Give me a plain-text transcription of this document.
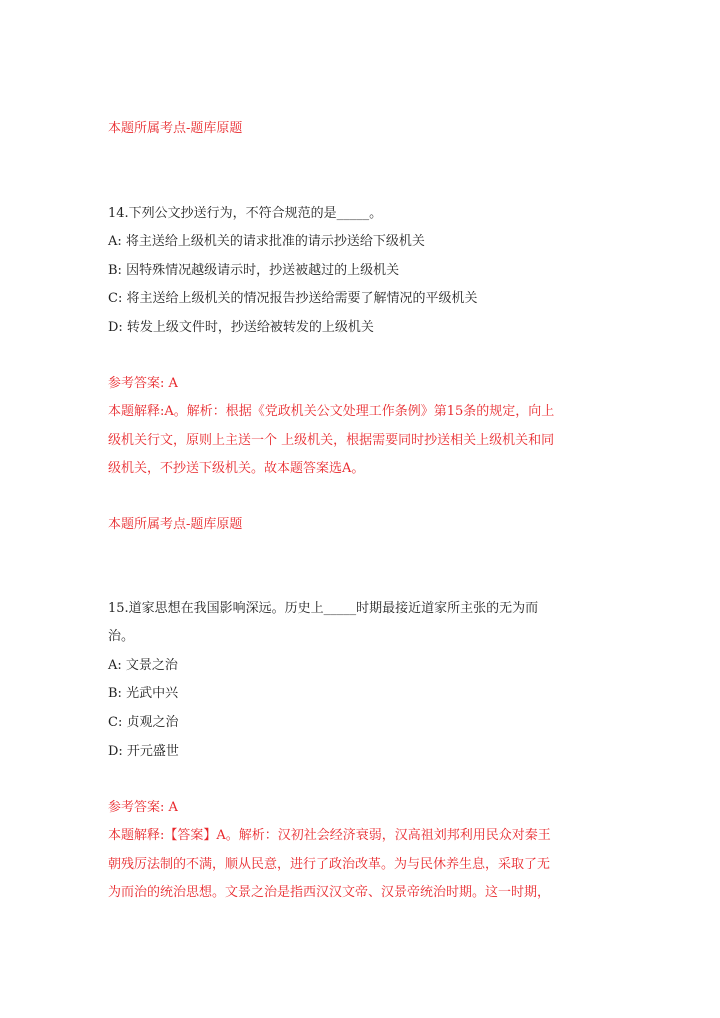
本题所属考点-题库原题

14.下列公文抄送行为，不符合规范的是_____。

A: 将主送给上级机关的请求批准的请示抄送给下级机关

B: 因特殊情况越级请示时，抄送被越过的上级机关

C: 将主送给上级机关的情况报告抄送给需要了解情况的平级机关

D: 转发上级文件时，抄送给被转发的上级机关

参考答案: A

本题解释:A。解析：根据《党政机关公文处理工作条例》第15条的规定，向上

级机关行文，原则上主送一个 上级机关，根据需要同时抄送相关上级机关和同

级机关，不抄送下级机关。故本题答案选A。

本题所属考点-题库原题

15.道家思想在我国影响深远。历史上_____时期最接近道家所主张的无为而

治。

A: 文景之治

B: 光武中兴

C: 贞观之治

D: 开元盛世

参考答案: A

本题解释:【答案】A。解析：汉初社会经济衰弱，汉高祖刘邦利用民众对秦王

朝残厉法制的不满，顺从民意，进行了政治改革。为与民休养生息，采取了无

为而治的统治思想。文景之治是指西汉汉文帝、汉景帝统治时期。这一时期，
